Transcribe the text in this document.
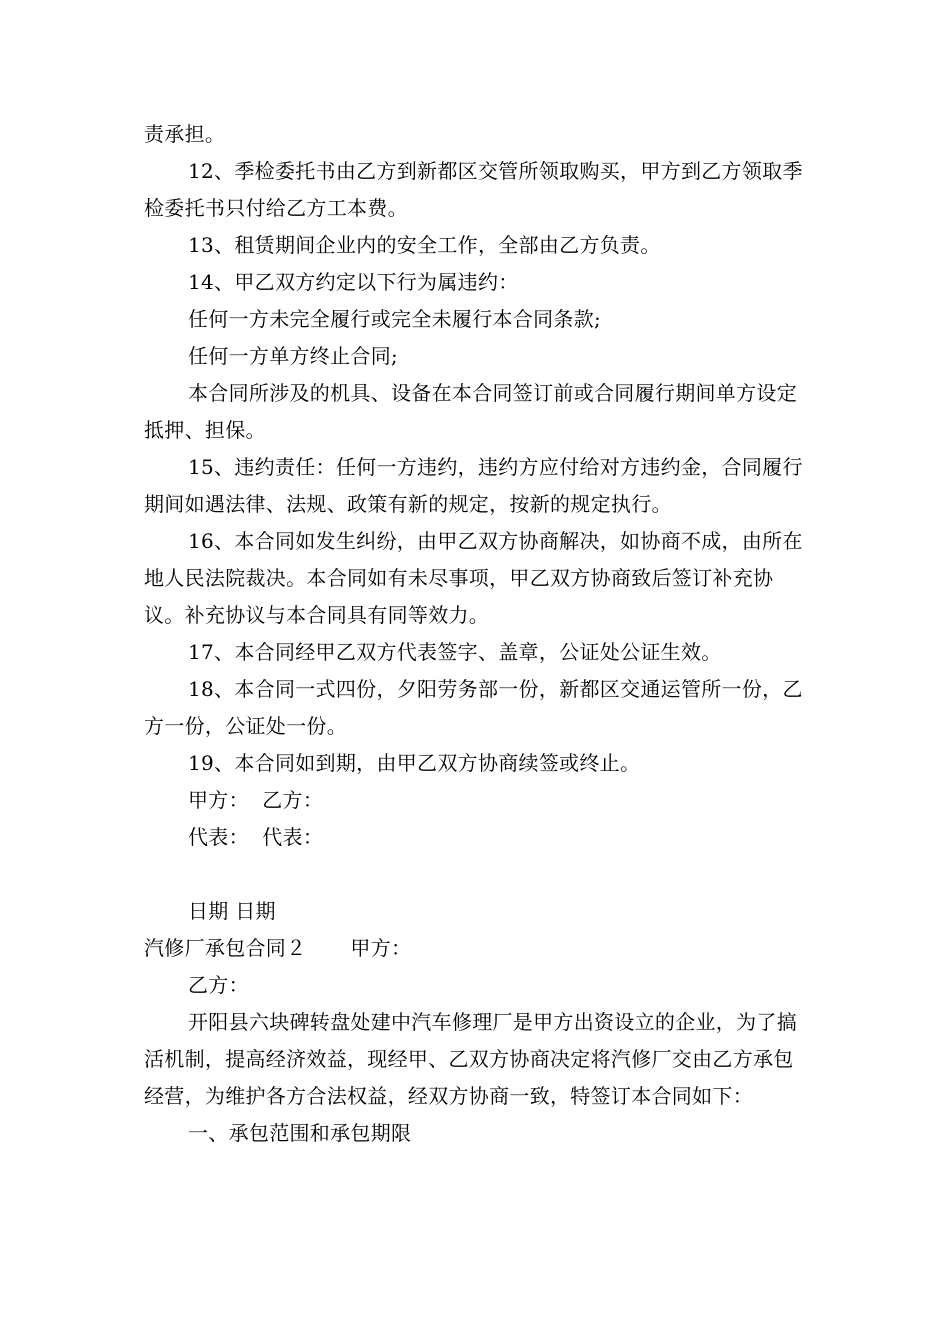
责承担。

12、季检委托书由乙方到新都区交管所领取购买，甲方到乙方领取季检委托书只付给乙方工本费。

13、租赁期间企业内的安全工作，全部由乙方负责。

14、甲乙双方约定以下行为属违约：

任何一方未完全履行或完全未履行本合同条款;

任何一方单方终止合同;

本合同所涉及的机具、设备在本合同签订前或合同履行期间单方设定抵押、担保。

15、违约责任：任何一方违约，违约方应付给对方违约金，合同履行期间如遇法律、法规、政策有新的规定，按新的规定执行。

16、本合同如发生纠纷，由甲乙双方协商解决，如协商不成，由所在地人民法院裁决。本合同如有未尽事项，甲乙双方协商致后签订补充协议。补充协议与本合同具有同等效力。

17、本合同经甲乙双方代表签字、盖章，公证处公证生效。

18、本合同一式四份，夕阳劳务部一份，新都区交通运管所一份，乙方一份，公证处一份。

19、本合同如到期，由甲乙双方协商续签或终止。

甲方：  乙方：

代表：  代表：

日期 日期

汽修厂承包合同２ 甲方：

乙方：

开阳县六块碑转盘处建中汽车修理厂是甲方出资设立的企业，为了搞活机制，提高经济效益，现经甲、乙双方协商决定将汽修厂交由乙方承包经营，为维护各方合法权益，经双方协商一致，特签订本合同如下：

一、承包范围和承包期限
